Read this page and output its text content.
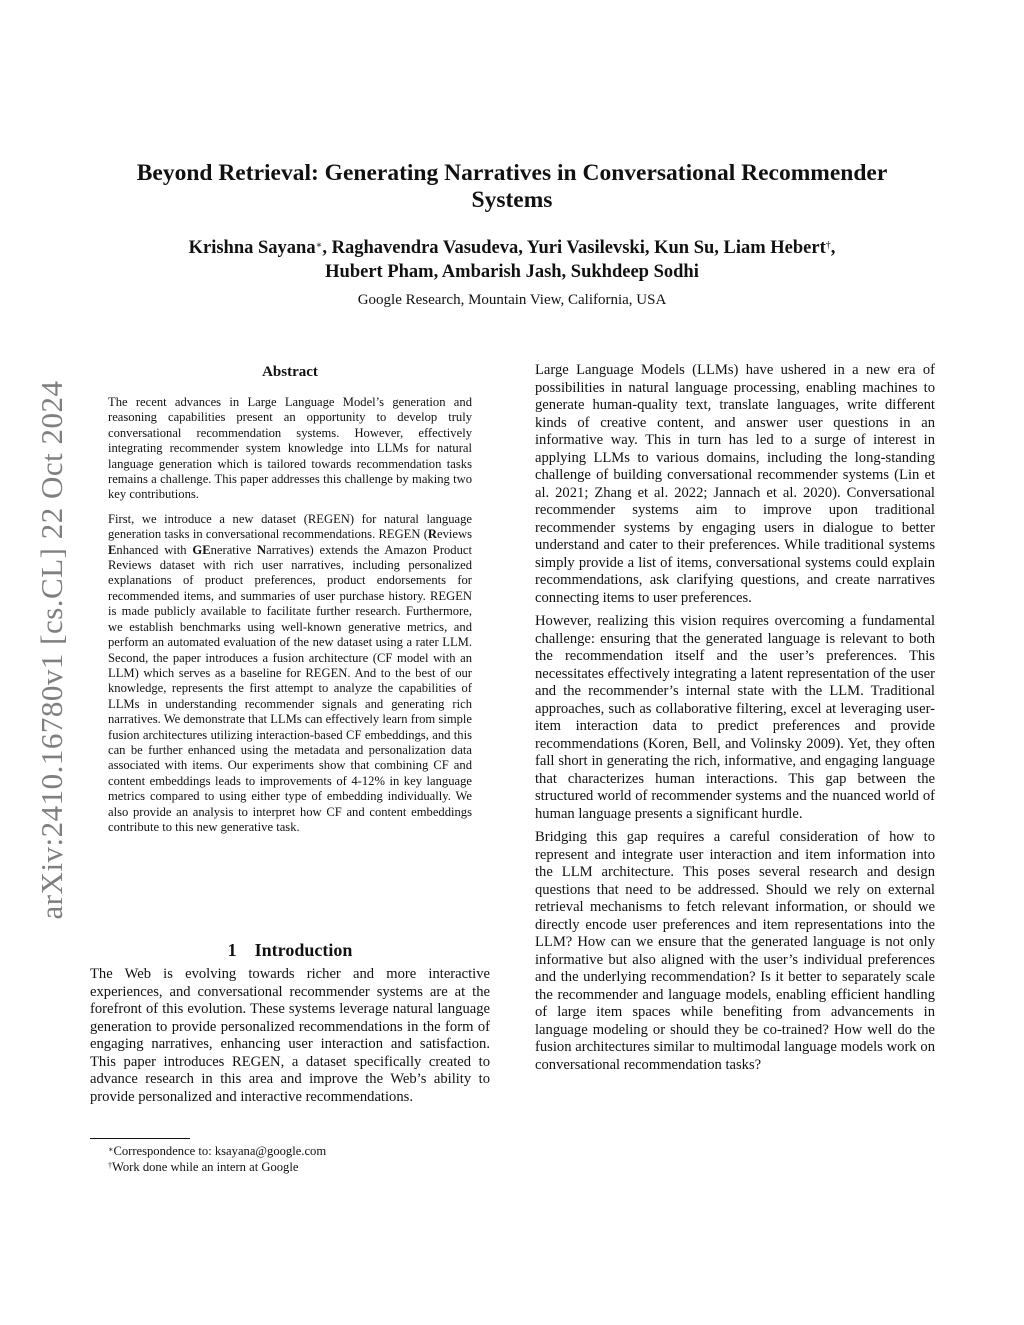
Beyond Retrieval: Generating Narratives in Conversational Recommender Systems
Krishna Sayana∗, Raghavendra Vasudeva, Yuri Vasilevski, Kun Su, Liam Hebert†,
Hubert Pham, Ambarish Jash, Sukhdeep Sodhi
Google Research, Mountain View, California, USA
arXiv:2410.16780v1 [cs.CL] 22 Oct 2024
Abstract

The recent advances in Large Language Model’s generation and reasoning capabilities present an opportunity to develop truly conversational recommendation systems. However, effectively integrating recommender system knowledge into LLMs for natural language generation which is tailored towards recommendation tasks remains a challenge. This paper addresses this challenge by making two key contributions.

First, we introduce a new dataset (REGEN) for natural language generation tasks in conversational recommendations. REGEN (Reviews Enhanced with GEnerative Narratives) extends the Amazon Product Reviews dataset with rich user narratives, including personalized explanations of product preferences, product endorsements for recommended items, and summaries of user purchase history. REGEN is made publicly available to facilitate further research. Furthermore, we establish benchmarks using well-known generative metrics, and perform an automated evaluation of the new dataset using a rater LLM. Second, the paper introduces a fusion architecture (CF model with an LLM) which serves as a baseline for REGEN. And to the best of our knowledge, represents the first attempt to analyze the capabilities of LLMs in understanding recommender signals and generating rich narratives. We demonstrate that LLMs can effectively learn from simple fusion architectures utilizing interaction-based CF embeddings, and this can be further enhanced using the metadata and personalization data associated with items. Our experiments show that combining CF and content embeddings leads to improvements of 4-12% in key language metrics compared to using either type of embedding individually. We also provide an analysis to interpret how CF and content embeddings contribute to this new generative task.

1 Introduction

The Web is evolving towards richer and more interactive experiences, and conversational recommender systems are at the forefront of this evolution. These systems leverage natural language generation to provide personalized recommendations in the form of engaging narratives, enhancing user interaction and satisfaction. This paper introduces REGEN, a dataset specifically created to advance research in this area and improve the Web’s ability to provide personalized and interactive recommendations.

∗Correspondence to: ksayana@google.com
†Work done while an intern at Google

Large Language Models (LLMs) have ushered in a new era of possibilities in natural language processing, enabling machines to generate human-quality text, translate languages, write different kinds of creative content, and answer user questions in an informative way. This in turn has led to a surge of interest in applying LLMs to various domains, including the long-standing challenge of building conversational recommender systems (Lin et al. 2021; Zhang et al. 2022; Jannach et al. 2020). Conversational recommender systems aim to improve upon traditional recommender systems by engaging users in dialogue to better understand and cater to their preferences. While traditional systems simply provide a list of items, conversational systems could explain recommendations, ask clarifying questions, and create narratives connecting items to user preferences.

However, realizing this vision requires overcoming a fundamental challenge: ensuring that the generated language is relevant to both the recommendation itself and the user’s preferences. This necessitates effectively integrating a latent representation of the user and the recommender’s internal state with the LLM. Traditional approaches, such as collaborative filtering, excel at leveraging user-item interaction data to predict preferences and provide recommendations (Koren, Bell, and Volinsky 2009). Yet, they often fall short in generating the rich, informative, and engaging language that characterizes human interactions. This gap between the structured world of recommender systems and the nuanced world of human language presents a significant hurdle.

Bridging this gap requires a careful consideration of how to represent and integrate user interaction and item information into the LLM architecture. This poses several research and design questions that need to be addressed. Should we rely on external retrieval mechanisms to fetch relevant information, or should we directly encode user preferences and item representations into the LLM? How can we ensure that the generated language is not only informative but also aligned with the user’s individual preferences and the underlying recommendation? Is it better to separately scale the recommender and language models, enabling efficient handling of large item spaces while benefiting from advancements in language modeling or should they be co-trained? How well do the fusion architectures similar to multimodal language models work on conversational recommendation tasks?
